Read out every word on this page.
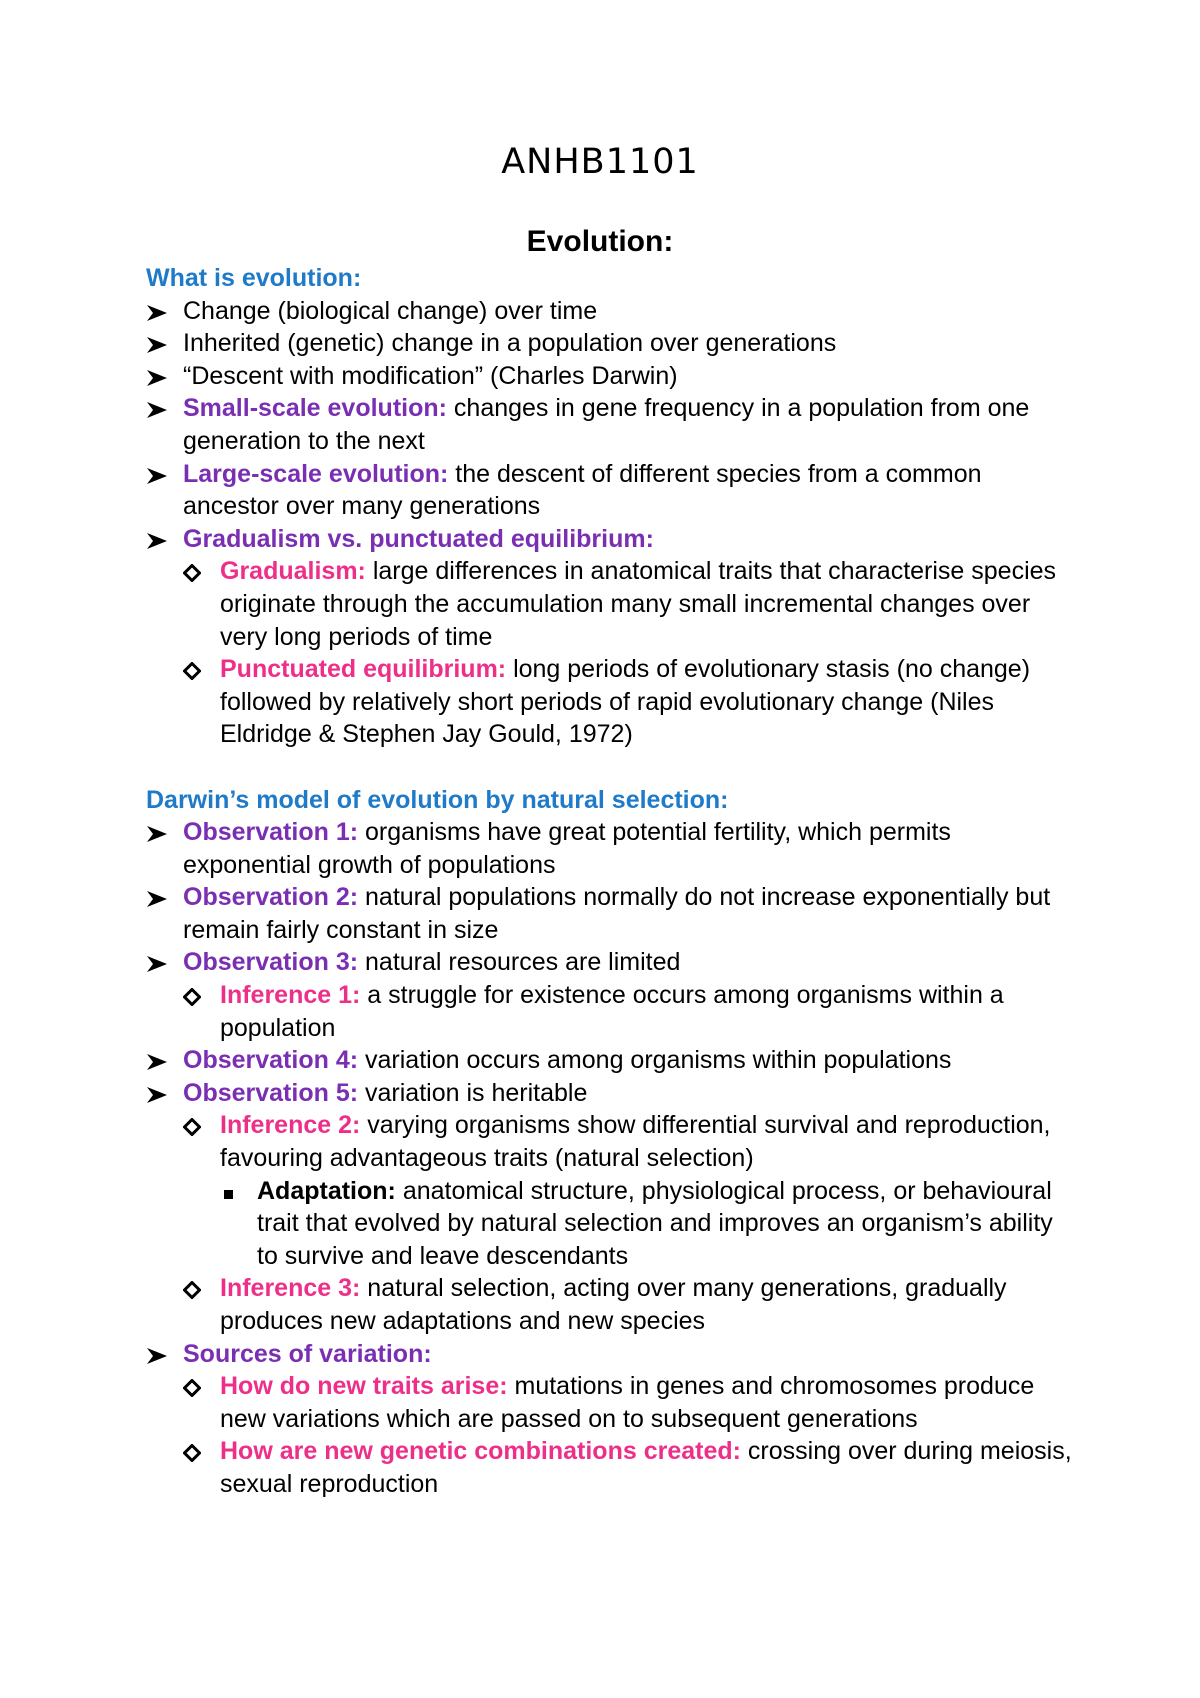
ANHB1101
Evolution:
What is evolution:
Change (biological change) over time
Inherited (genetic) change in a population over generations
“Descent with modification” (Charles Darwin)
Small-scale evolution: changes in gene frequency in a population from one generation to the next
Large-scale evolution: the descent of different species from a common ancestor over many generations
Gradualism vs. punctuated equilibrium:
Gradualism: large differences in anatomical traits that characterise species originate through the accumulation many small incremental changes over very long periods of time
Punctuated equilibrium: long periods of evolutionary stasis (no change) followed by relatively short periods of rapid evolutionary change (Niles Eldridge & Stephen Jay Gould, 1972)
Darwin’s model of evolution by natural selection:
Observation 1: organisms have great potential fertility, which permits exponential growth of populations
Observation 2: natural populations normally do not increase exponentially but remain fairly constant in size
Observation 3: natural resources are limited
Inference 1: a struggle for existence occurs among organisms within a population
Observation 4: variation occurs among organisms within populations
Observation 5: variation is heritable
Inference 2: varying organisms show differential survival and reproduction, favouring advantageous traits (natural selection)
Adaptation: anatomical structure, physiological process, or behavioural trait that evolved by natural selection and improves an organism’s ability to survive and leave descendants
Inference 3: natural selection, acting over many generations, gradually produces new adaptations and new species
Sources of variation:
How do new traits arise: mutations in genes and chromosomes produce new variations which are passed on to subsequent generations
How are new genetic combinations created: crossing over during meiosis, sexual reproduction
